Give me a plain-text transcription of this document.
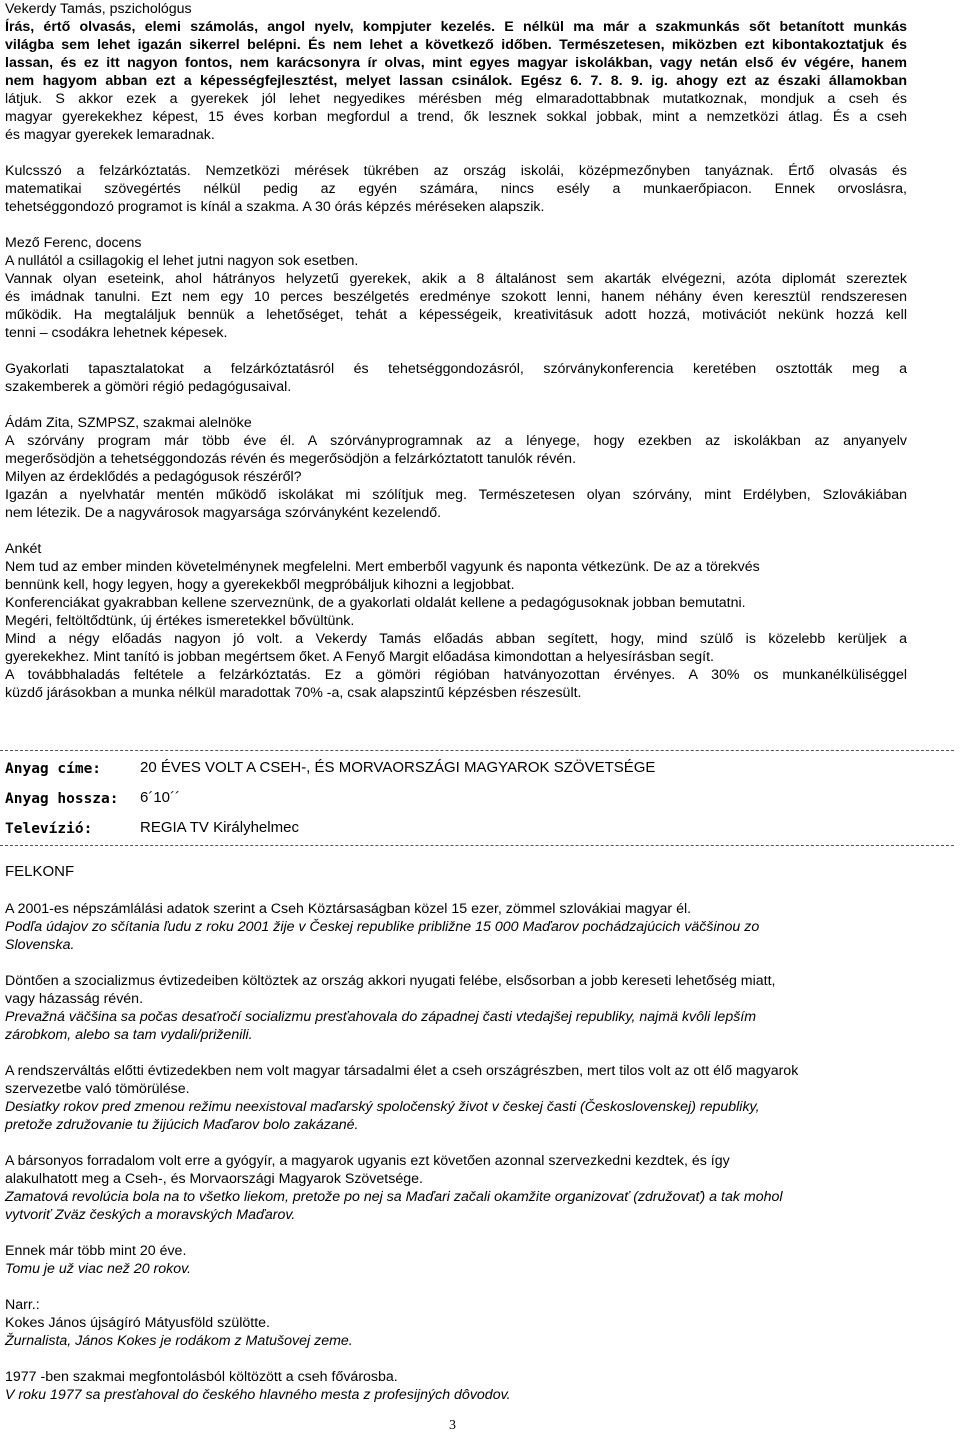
Vekerdy Tamás, pszichológus
Írás, értő olvasás, elemi számolás, angol nyelv, kompjuter kezelés. E nélkül ma már a szakmunkás sőt betanított munkás
világba sem lehet igazán sikerrel belépni. És nem lehet a következő időben. Természetesen, miközben ezt kibontakoztatjuk és
lassan, és ez itt nagyon fontos, nem karácsonyra ír olvas, mint egyes magyar iskolákban, vagy netán első év végére, hanem
nem hagyom abban ezt a képességfejlesztést, melyet lassan csinálok. Egész 6. 7. 8. 9. ig. ahogy ezt az északi államokban
látjuk. S akkor ezek a gyerekek jól lehet negyedikes mérésben még elmaradottabbnak mutatkoznak, mondjuk a cseh és
magyar gyerekekhez képest, 15 éves korban megfordul a trend, ők lesznek sokkal jobbak, mint a nemzetközi átlag. És a cseh
és magyar gyerekek lemaradnak.
Kulcsszó a felzárkóztatás. Nemzetközi mérések tükrében az ország iskolái, középmezőnyben tanyáznak. Értő olvasás és
matematikai szövegértés nélkül pedig az egyén számára, nincs esély a munkaerőpiacon. Ennek orvoslásra,
tehetséggondozó programot is kínál a szakma. A 30 órás képzés méréseken alapszik.
Mező Ferenc, docens
A nullától a csillagokig el lehet jutni nagyon sok esetben.
Vannak olyan eseteink, ahol hátrányos helyzetű gyerekek, akik a 8 általánost sem akarták elvégezni, azóta diplomát szereztek
és imádnak tanulni. Ezt nem egy 10 perces beszélgetés eredménye szokott lenni, hanem néhány éven keresztül rendszeresen
működik. Ha megtaláljuk bennük a lehetőséget, tehát a képességeik, kreativitásuk adott hozzá, motivációt nekünk hozzá kell
tenni – csodákra lehetnek képesek.
Gyakorlati tapasztalatokat a felzárkóztatásról és tehetséggondozásról, szórványkonferencia keretében osztották meg a
szakemberek a gömöri régió pedagógusaival.
Ádám Zita, SZMPSZ, szakmai alelnöke
A szórvány program már több éve él. A szórványprogramnak az a lényege, hogy ezekben az iskolákban az anyanyelv
megerősödjön a tehetséggondozás révén és megerősödjön a felzárkóztatott tanulók révén.
Milyen az érdeklődés a pedagógusok részéről?
Igazán a nyelvhatár mentén működő iskolákat mi szólítjuk meg. Természetesen olyan szórvány, mint Erdélyben, Szlovákiában
nem létezik. De a nagyvárosok magyarsága szórványként kezelendő.
Ankét
Nem tud az ember minden követelménynek megfelelni. Mert emberből vagyunk és naponta vétkezünk. De az a törekvés
bennünk kell, hogy legyen, hogy a gyerekekből megpróbáljuk kihozni a legjobbat.
Konferenciákat gyakrabban kellene szerveznünk, de a gyakorlati oldalát kellene a pedagógusoknak jobban bemutatni.
Megéri, feltöltődtünk, új értékes ismeretekkel bővültünk.
Mind a négy előadás nagyon jó volt. a Vekerdy Tamás előadás abban segített, hogy, mind szülő is közelebb kerüljek a
gyerekekhez. Mint tanító is jobban megértsem őket. A Fenyő Margit előadása kimondottan a helyesírásban segít.
A továbbhaladás feltétele a felzárkóztatás. Ez a gömöri régióban hatványozottan érvényes. A 30% os munkanélküliséggel
küzdő járásokban a munka nélkül maradottak 70% -a, csak alapszintű képzésben részesült.
Anyag címe:	20 ÉVES VOLT A CSEH-, ÉS MORVAORSZÁGI MAGYAROK SZÖVETSÉGE
Anyag hossza: 6´10´´
Televízió:	REGIA TV Királyhelmec
FELKONF
A 2001-es népszámlálási adatok szerint a Cseh Köztársaságban közel 15 ezer, zömmel szlovákiai magyar él.
Podľa údajov zo sčítania ľudu z roku 2001 žije v Českej republike približne 15 000 Maďarov pochádzajúcich väčšinou zo
Slovenska.
Döntően a szocializmus évtizedeiben költöztek az ország akkori nyugati felébe, elsősorban a jobb kereseti lehetőség miatt,
vagy házasság révén.
Prevažná väčšina sa počas desaťročí socializmu presťahovala do západnej časti vtedajšej republiky, najmä kvôli lepším
zárobkom, alebo sa tam vydali/priženili.
A rendszerváltás előtti évtizedekben nem volt magyar társadalmi élet a cseh országrészben, mert tilos volt az ott élő magyarok
szervezetbe való tömörülése.
Desiatky rokov pred zmenou režimu neexistoval maďarský spoločenský život v českej časti (Československej) republiky,
pretože združovanie tu žijúcich Maďarov bolo zakázané.
A bársonyos forradalom volt erre a gyógyír, a magyarok ugyanis ezt követően azonnal szervezkedni kezdtek, és így
alakulhatott meg a Cseh-, és Morvaországi Magyarok Szövetsége.
Zamatová revolúcia bola na to všetko liekom, pretože po nej sa Maďari začali okamžite organizovať (združovať) a tak mohol
vytvoriť Zväz českých a moravských Maďarov.
Ennek már több mint 20 éve.
Tomu je už viac než 20 rokov.
Narr.:
Kokes János újságíró Mátyusföld szülötte.
Žurnalista, János Kokes je rodákom z Matušovej zeme.
1977 -ben szakmai megfontolásból költözött a cseh fővárosba.
V roku 1977 sa presťahoval do českého hlavného mesta z profesijných dôvodov.
3
